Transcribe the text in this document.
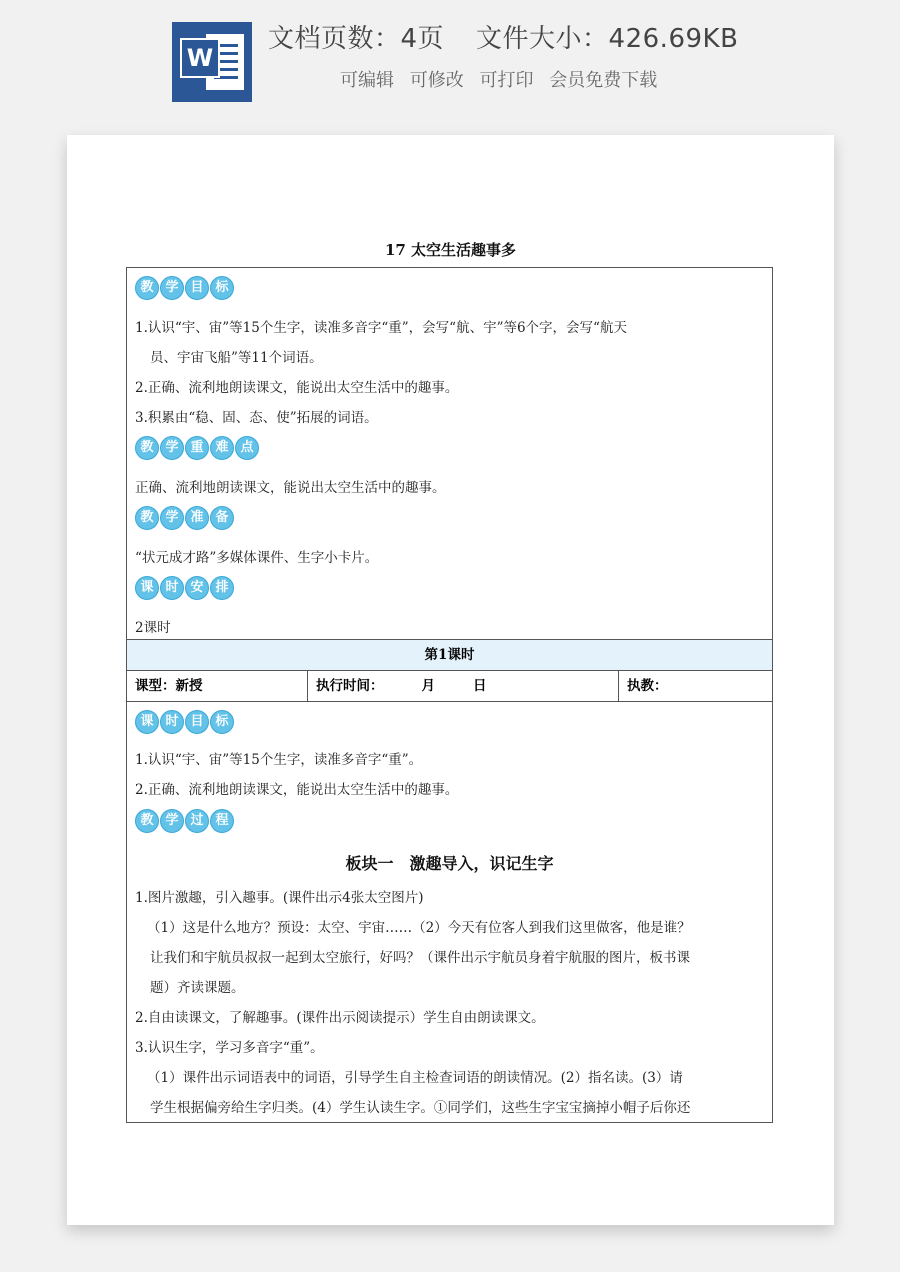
W
文档页数：4页 文件大小：426.69KB
可编辑 可修改 可打印 会员免费下载
17 太空生活趣事多
教 学 目 标
1.认识“宇、宙”等15个生字，读准多音字“重”，会写“航、宇”等6个字，会写“航天
员、宇宙飞船”等11个词语。
2.正确、流利地朗读课文，能说出太空生活中的趣事。
3.积累由“稳、固、态、使”拓展的词语。
教 学 重 难 点
正确、流利地朗读课文，能说出太空生活中的趣事。
教 学 准 备
“状元成才路”多媒体课件、生字小卡片。
课 时 安 排
2课时
第1课时
课型：新授	执行时间：	月	日	执教：
课 时 目 标
1.认识“宇、宙”等15个生字，读准多音字“重”。
2.正确、流利地朗读课文，能说出太空生活中的趣事。
教 学 过 程
板块一　激趣导入，识记生字
1.图片激趣，引入趣事。(课件出示4张太空图片)
（1）这是什么地方？预设：太空、宇宙……（2）今天有位客人到我们这里做客，他是谁？
让我们和宇航员叔叔一起到太空旅行，好吗？（课件出示宇航员身着宇航服的图片，板书课
题）齐读课题。
2.自由读课文，了解趣事。(课件出示阅读提示）学生自由朗读课文。
3.认识生字，学习多音字“重”。
（1）课件出示词语表中的词语，引导学生自主检查词语的朗读情况。(2）指名读。(3）请
学生根据偏旁给生字归类。(4）学生认读生字。①同学们，这些生字宝宝摘掉小帽子后你还
